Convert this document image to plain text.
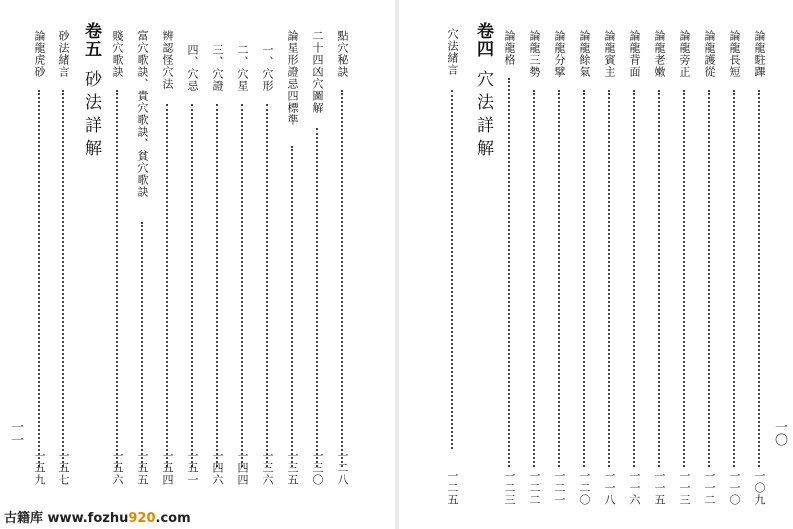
一〇
論龍駐蹕
一〇九
論龍長短
一一〇
論龍護從
一一二
論龍旁正
一一三
論龍老嫩
一一五
論龍背面
一一六
論龍賓主
一一八
論龍餘氣
一二〇
論龍分擘
一二一
論龍三勢
一二二
論龍格
一二三
卷四穴法詳解
穴法緒言
一二五
點穴秘訣
一二八
二十四凶穴圖解
一三〇
論星形證忌四標準
一三五
一、穴形
一三六
二、穴星
一四四
三、穴證
一四六
四、穴忌
一五一
辨認怪穴法
一五四
富穴歌訣、貴穴歌訣、貧穴歌訣
一五五
賤穴歌訣
一五六
卷五砂法詳解
砂法緒言
一五七
論龍虎砂
一五九
一一
古籍库 www.fozhu920.com
